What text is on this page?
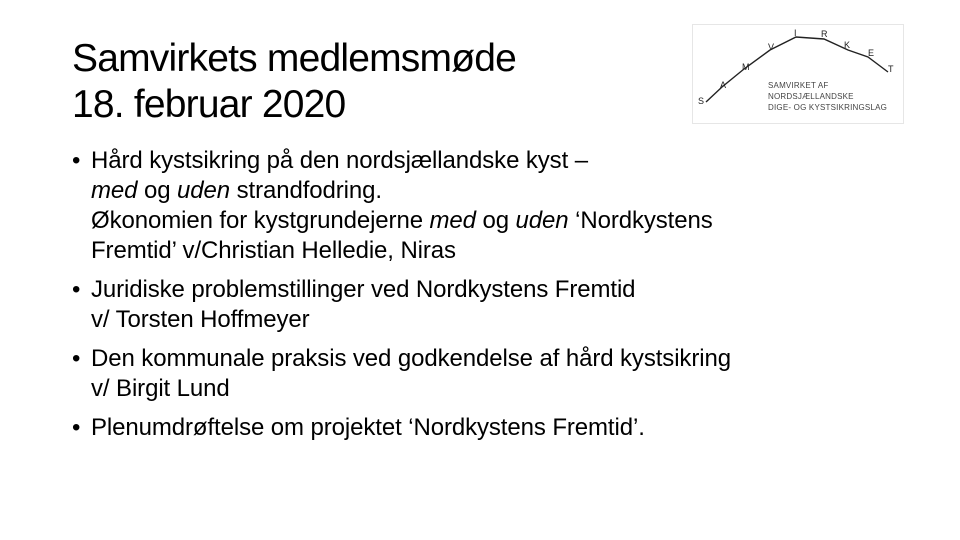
Samvirkets medlemsmøde
18. februar 2020	S
A
M
V
I	R
K
E
T
SAMVIRKET AF
NORDSJÆLLANDSKE
DIGE- OG KYSTSIKRINGSLAG
• Hård kystsikring på den nordsjællandske kyst –
med og uden strandfodring.
Økonomien for kystgrundejerne med og uden ‘Nordkystens
Fremtid’ v/Christian Helledie, Niras
• Juridiske problemstillinger ved Nordkystens Fremtid
v/ Torsten Hoffmeyer
• Den kommunale praksis ved godkendelse af hård kystsikring
v/ Birgit Lund
• Plenumdrøftelse om projektet ‘Nordkystens Fremtid’.
